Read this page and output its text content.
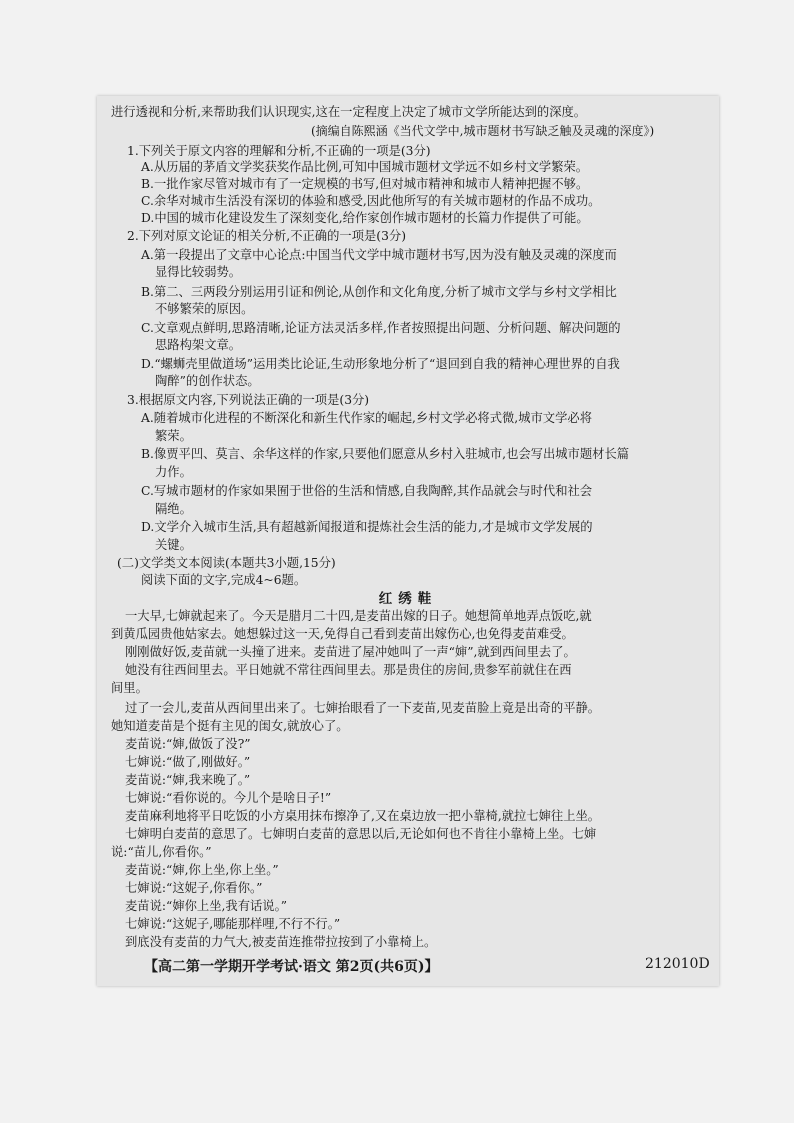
进行透视和分析,来帮助我们认识现实,这在一定程度上决定了城市文学所能达到的深度。
(摘编自陈熙涵《当代文学中,城市题材书写缺乏触及灵魂的深度》)
1.下列关于原文内容的理解和分析,不正确的一项是(3分)
A.从历届的茅盾文学奖获奖作品比例,可知中国城市题材文学远不如乡村文学繁荣。
B.一批作家尽管对城市有了一定规模的书写,但对城市精神和城市人精神把握不够。
C.余华对城市生活没有深切的体验和感受,因此他所写的有关城市题材的作品不成功。
D.中国的城市化建设发生了深刻变化,给作家创作城市题材的长篇力作提供了可能。
2.下列对原文论证的相关分析,不正确的一项是(3分)
A.第一段提出了文章中心论点:中国当代文学中城市题材书写,因为没有触及灵魂的深度而
显得比较弱势。
B.第二、三两段分别运用引证和例论,从创作和文化角度,分析了城市文学与乡村文学相比
不够繁荣的原因。
C.文章观点鲜明,思路清晰,论证方法灵活多样,作者按照提出问题、分析问题、解决问题的
思路构架文章。
D.“螺蛳壳里做道场”运用类比论证,生动形象地分析了“退回到自我的精神心理世界的自我
陶醉”的创作状态。
3.根据原文内容,下列说法正确的一项是(3分)
A.随着城市化进程的不断深化和新生代作家的崛起,乡村文学必将式微,城市文学必将
繁荣。
B.像贾平凹、莫言、余华这样的作家,只要他们愿意从乡村入驻城市,也会写出城市题材长篇
力作。
C.写城市题材的作家如果囿于世俗的生活和情感,自我陶醉,其作品就会与时代和社会
隔绝。
D.文学介入城市生活,具有超越新闻报道和提炼社会生活的能力,才是城市文学发展的
关键。
(二)文学类文本阅读(本题共3小题,15分)
阅读下面的文字,完成4~6题。
红绣鞋
一大早,七婶就起来了。今天是腊月二十四,是麦苗出嫁的日子。她想简单地弄点饭吃,就
到黄瓜园贵他姑家去。她想躲过这一天,免得自己看到麦苗出嫁伤心,也免得麦苗难受。
刚刚做好饭,麦苗就一头撞了进来。麦苗进了屋冲她叫了一声“婶”,就到西间里去了。
她没有往西间里去。平日她就不常往西间里去。那是贵住的房间,贵参军前就住在西
间里。
过了一会儿,麦苗从西间里出来了。七婶抬眼看了一下麦苗,见麦苗脸上竟是出奇的平静。
她知道麦苗是个挺有主见的闺女,就放心了。
麦苗说:“婶,做饭了没?”
七婶说:“做了,刚做好。”
麦苗说:“婶,我来晚了。”
七婶说:“看你说的。今儿个是啥日子!”
麦苗麻利地将平日吃饭的小方桌用抹布擦净了,又在桌边放一把小靠椅,就拉七婶往上坐。
七婶明白麦苗的意思了。七婶明白麦苗的意思以后,无论如何也不肯往小靠椅上坐。七婶
说:“苗儿,你看你。”
麦苗说:“婶,你上坐,你上坐。”
七婶说:“这妮子,你看你。”
麦苗说:“婶你上坐,我有话说。”
七婶说:“这妮子,哪能那样哩,不行不行。”
到底没有麦苗的力气大,被麦苗连推带拉按到了小靠椅上。
【高二第一学期开学考试·语文 第2页(共6页)】	212010D
